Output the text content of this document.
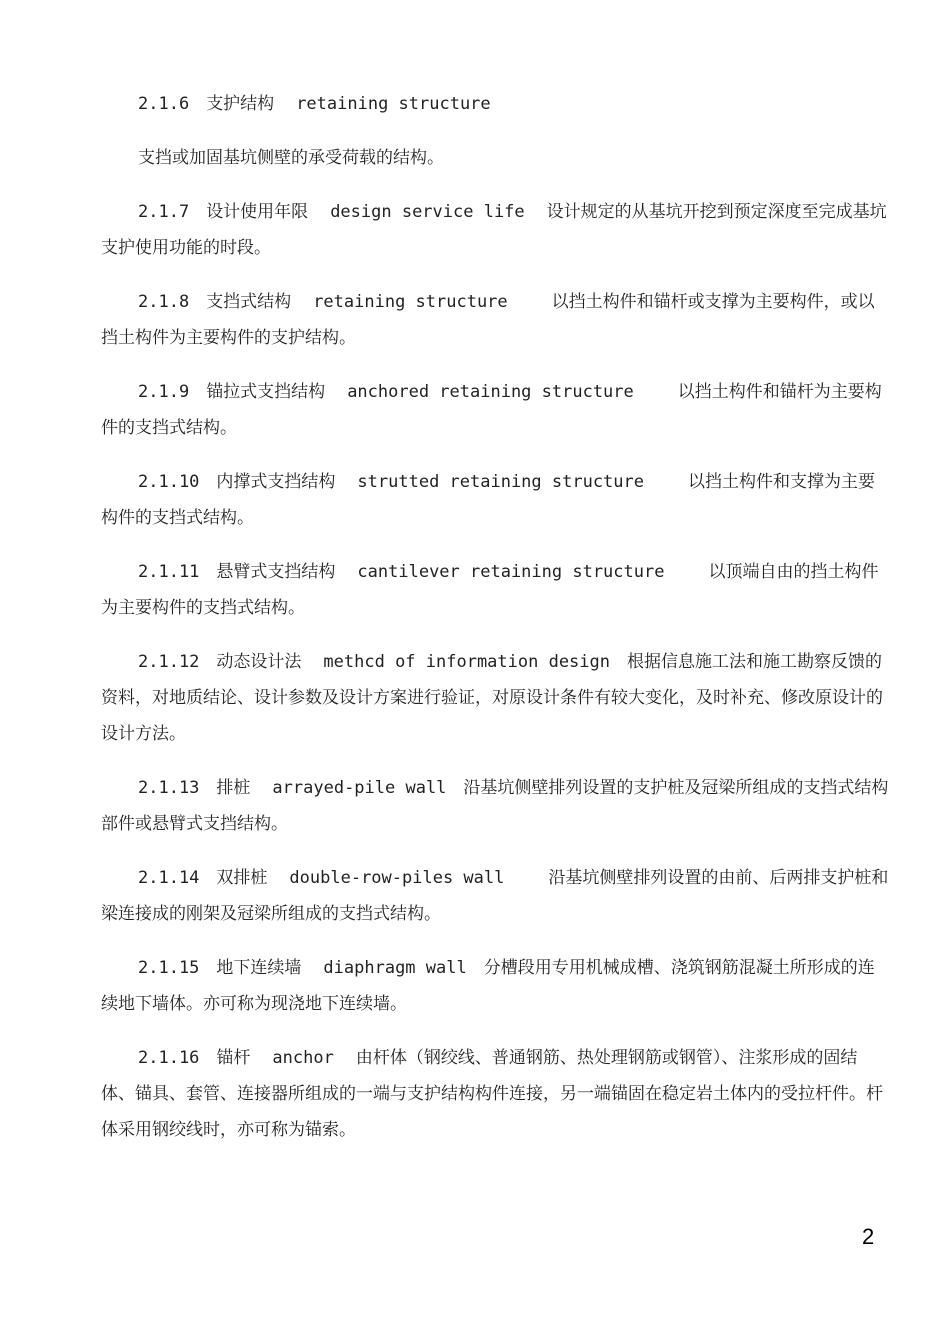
2.1.6 支护结构 retaining structure

支挡或加固基坑侧壁的承受荷载的结构。

2.1.7 设计使用年限 design service life 设计规定的从基坑开挖到预定深度至完成基坑支护使用功能的时段。

2.1.8 支挡式结构 retaining structure	以挡土构件和锚杆或支撑为主要构件，或以挡土构件为主要构件的支护结构。

2.1.9 锚拉式支挡结构 anchored retaining structure	以挡土构件和锚杆为主要构件的支挡式结构。

2.1.10 内撑式支挡结构 strutted retaining structure	以挡土构件和支撑为主要构件的支挡式结构。

2.1.11 悬臂式支挡结构 cantilever retaining structure	以顶端自由的挡土构件为主要构件的支挡式结构。

2.1.12 动态设计法 methcd of information design 根据信息施工法和施工勘察反馈的资料，对地质结论、设计参数及设计方案进行验证，对原设计条件有较大变化，及时补充、修改原设计的设计方法。

2.1.13 排桩 arrayed-pile wall 沿基坑侧壁排列设置的支护桩及冠梁所组成的支挡式结构部件或悬臂式支挡结构。

2.1.14 双排桩 double-row-piles wall	沿基坑侧壁排列设置的由前、后两排支护桩和梁连接成的刚架及冠梁所组成的支挡式结构。

2.1.15 地下连续墙 diaphragm wall 分槽段用专用机械成槽、浇筑钢筋混凝土所形成的连续地下墙体。亦可称为现浇地下连续墙。

2.1.16 锚杆 anchor 由杆体（钢绞线、普通钢筋、热处理钢筋或钢管）、注浆形成的固结体、锚具、套管、连接器所组成的一端与支护结构构件连接，另一端锚固在稳定岩土体内的受拉杆件。杆体采用钢绞线时，亦可称为锚索。

2
